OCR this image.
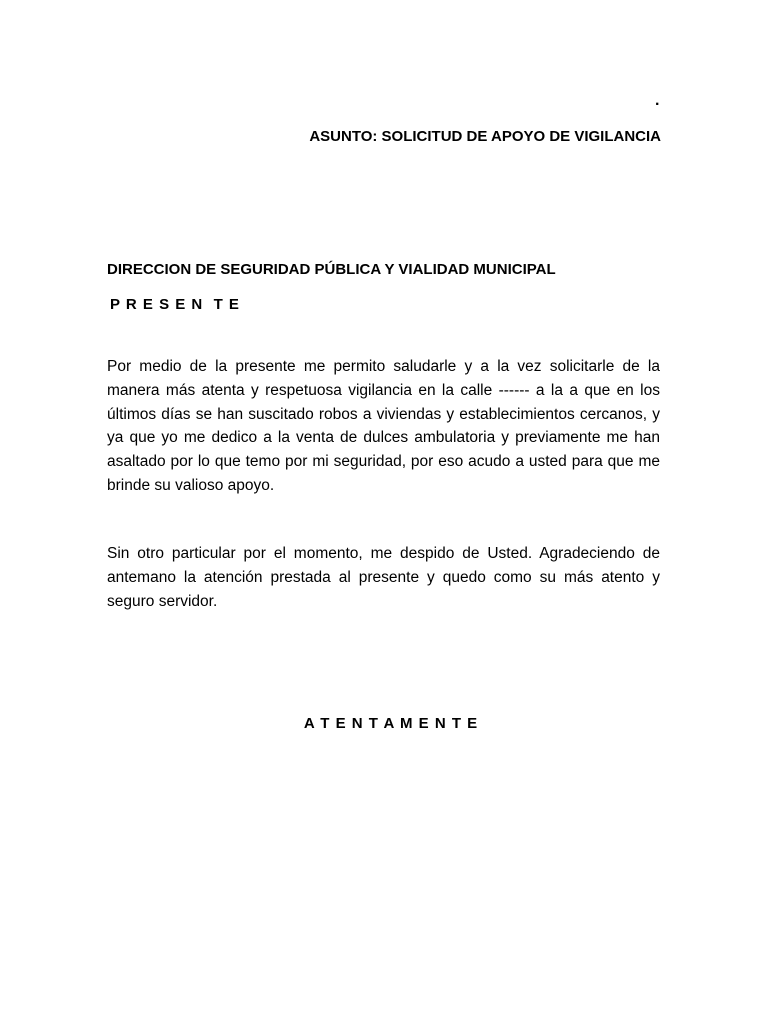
.
ASUNTO: SOLICITUD DE APOYO DE VIGILANCIA
DIRECCION DE SEGURIDAD PÚBLICA Y VIALIDAD MUNICIPAL
P R E S E N  T E
Por medio de la presente me permito saludarle y a la vez solicitarle de la manera más atenta y respetuosa vigilancia en la calle ------ a la a que en los últimos días se han suscitado robos a viviendas y establecimientos cercanos, y ya que yo me dedico a la venta de dulces ambulatoria y previamente me han asaltado por lo que temo por mi seguridad, por eso acudo a usted para que me brinde su valioso apoyo.
Sin otro particular por el momento, me despido de Usted. Agradeciendo de antemano la atención prestada al presente y quedo como su más atento y seguro servidor.
A T E N T A M E N T E
